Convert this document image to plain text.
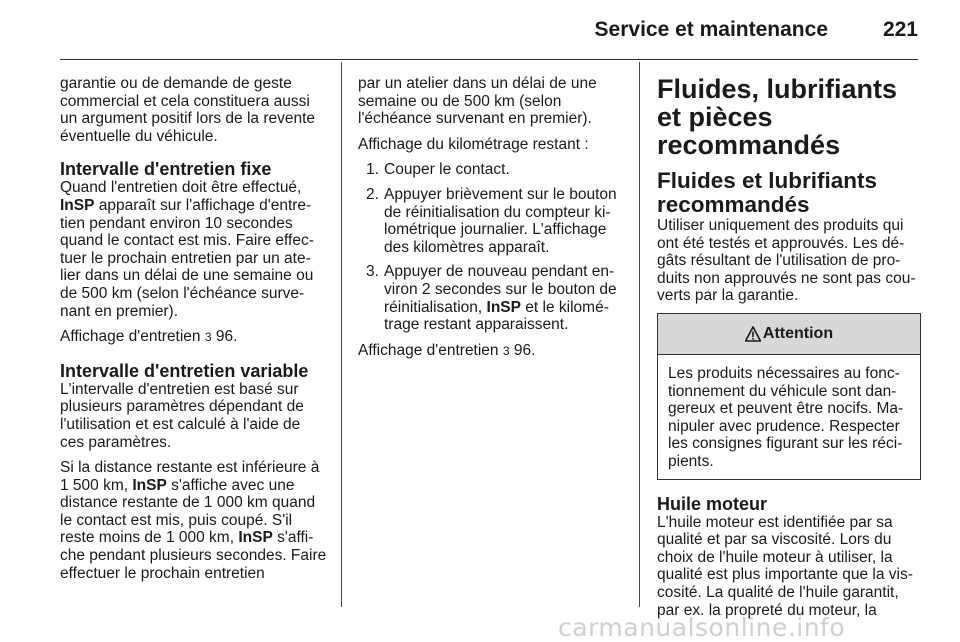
Service et maintenance	221

garantie ou de demande de geste commercial et cela constituera aussi un argument positif lors de la revente éventuelle du véhicule.

Intervalle d'entretien fixe

Quand l'entretien doit être effectué,
InSP apparaît sur l'affichage d'entre-tien pendant environ 10 secondes quand le contact est mis. Faire effec-tuer le prochain entretien par un ate-lier dans un délai de une semaine ou de 500 km (selon l'échéance surve-nant en premier).

Affichage d'entretien 3 96.

Intervalle d'entretien variable

L'intervalle d'entretien est basé sur plusieurs paramètres dépendant de l'utilisation et est calculé à l'aide de ces paramètres.

Si la distance restante est inférieure à 1 500 km, InSP s'affiche avec une distance restante de 1 000 km quand le contact est mis, puis coupé. S'il reste moins de 1 000 km, InSP s'affi-che pendant plusieurs secondes. Faire effectuer le prochain entretien

par un atelier dans un délai de une semaine ou de 500 km (selon l'échéance survenant en premier).

Affichage du kilométrage restant :

1. Couper le contact.
2. Appuyer brièvement sur le bouton de réinitialisation du compteur ki-lométrique journalier. L'affichage des kilomètres apparaît.
3. Appuyer de nouveau pendant en-viron 2 secondes sur le bouton de réinitialisation, InSP et le kilomé-trage restant apparaissent.

Affichage d'entretien 3 96.

Fluides, lubrifiants et pièces recommandés
Fluides et lubrifiants recommandés

Utiliser uniquement des produits qui ont été testés et approuvés. Les dé-gâts résultant de l'utilisation de pro-duits non approuvés ne sont pas cou-verts par la garantie.

Attention
Les produits nécessaires au fonc-tionnement du véhicule sont dan-gereux et peuvent être nocifs. Ma-nipuler avec prudence. Respecter les consignes figurant sur les réci-pients.
Huile moteur

L'huile moteur est identifiée par sa qualité et par sa viscosité. Lors du choix de l'huile moteur à utiliser, la qualité est plus importante que la vis-cosité. La qualité de l'huile garantit, par ex. la propreté du moteur, la

carmanualsonline.info
